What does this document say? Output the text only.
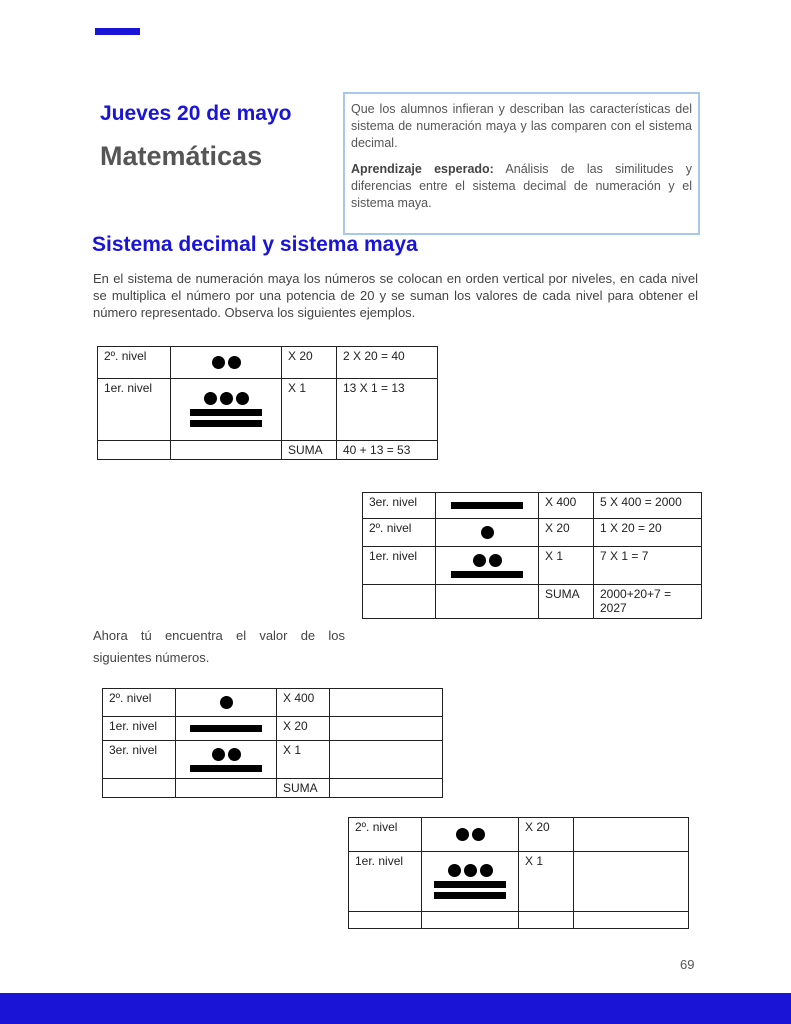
Jueves 20 de mayo
Matemáticas

Que los alumnos infieran y describan las características del sistema de numeración maya y las comparen con el sistema decimal.

Aprendizaje esperado: Análisis de las similitudes y diferencias entre el sistema decimal de numeración y el sistema maya.

Sistema decimal y sistema maya
En el sistema de numeración maya los números se colocan en orden vertical por niveles, en cada nivel se multiplica el número por una potencia de 20 y se suman los valores de cada nivel para obtener el número representado. Observa los siguientes ejemplos.
2º. nivel		X 20	2 X 20 = 40
1er. nivel		X 1	13 X 1 = 13
		SUMA	40 + 13 = 53
3er. nivel		X 400	5 X 400 = 2000
2º. nivel		X 20	1 X 20 = 20
1er. nivel		X 1	7 X 1 = 7
		SUMA	2000+20+7 = 2027
Ahora tú encuentra el valor de los siguientes números.
2º. nivel		X 400	
1er. nivel		X 20	
3er. nivel		X 1	
		SUMA	
2º. nivel		X 20	
1er. nivel		X 1	

69
